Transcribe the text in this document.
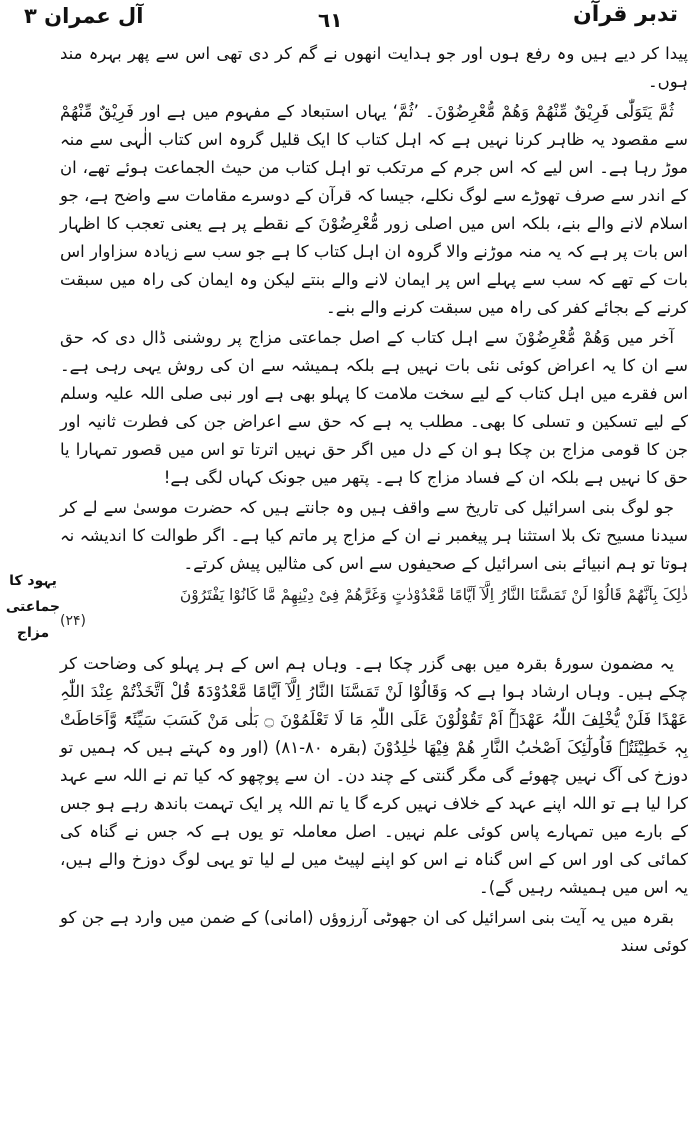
تدبر قرآن
٦١
آل عمران ۳
یہود کا جماعتی مزاج

پیدا کر دیے ہیں وہ رفع ہوں اور جو ہدایت انھوں نے گم کر دی تھی اس سے پھر بہرہ مند ہوں۔

ثُمَّ یَتَوَلّٰی فَرِیْقٌ مِّنْھُمْ وَھُمْ مُّعْرِضُوْنَ۔ ’ثُمَّ‘ یہاں استبعاد کے مفہوم میں ہے اور فَرِیْقٌ مِّنْھُمْ سے مقصود یہ ظاہر کرنا نہیں ہے کہ اہل کتاب کا ایک قلیل گروہ اس کتاب الٰہی سے منہ موڑ رہا ہے۔ اس لیے کہ اس جرم کے مرتکب تو اہل کتاب من حیث الجماعت ہوئے تھے، ان کے اندر سے صرف تھوڑے سے لوگ نکلے، جیسا کہ قرآن کے دوسرے مقامات سے واضح ہے، جو اسلام لانے والے بنے، بلکہ اس میں اصلی زور مُّعْرِضُوْنَ کے نقطے پر ہے یعنی تعجب کا اظہار اس بات پر ہے کہ یہ منہ موڑنے والا گروہ ان اہل کتاب کا ہے جو سب سے زیادہ سزاوار اس بات کے تھے کہ سب سے پہلے اس پر ایمان لانے والے بنتے لیکن وہ ایمان کی راہ میں سبقت کرنے کے بجائے کفر کی راہ میں سبقت کرنے والے بنے۔

آخر میں وَھُمْ مُّعْرِضُوْنَ سے اہل کتاب کے اصل جماعتی مزاج پر روشنی ڈال دی کہ حق سے ان کا یہ اعراض کوئی نئی بات نہیں ہے بلکہ ہمیشہ سے ان کی روش یہی رہی ہے۔ اس فقرے میں اہل کتاب کے لیے سخت ملامت کا پہلو بھی ہے اور نبی صلی اللہ علیہ وسلم کے لیے تسکین و تسلی کا بھی۔ مطلب یہ ہے کہ حق سے اعراض جن کی فطرت ثانیہ اور جن کا قومی مزاج بن چکا ہو ان کے دل میں اگر حق نہیں اترتا تو اس میں قصور تمہارا یا حق کا نہیں ہے بلکہ ان کے فساد مزاج کا ہے۔ پتھر میں جونک کہاں لگی ہے!

جو لوگ بنی اسرائیل کی تاریخ سے واقف ہیں وہ جانتے ہیں کہ حضرت موسیٰ سے لے کر سیدنا مسیح تک بلا استثنا ہر پیغمبر نے ان کے مزاج پر ماتم کیا ہے۔ اگر طوالت کا اندیشہ نہ ہوتا تو ہم انبیائے بنی اسرائیل کے صحیفوں سے اس کی مثالیں پیش کرتے۔

ذٰلِکَ بِاَنَّھُمْ قَالُوْا لَنْ تَمَسَّنَا النَّارُ اِلَّآ اَیَّامًا مَّعْدُوْدٰتٍ وَغَرَّھُمْ فِیْ دِیْنِھِمْ مَّا کَانُوْا یَفْتَرُوْنَ
(۲۴)

یہ مضمون سورۂ بقرہ میں بھی گزر چکا ہے۔ وہاں ہم اس کے ہر پہلو کی وضاحت کر چکے ہیں۔ وہاں ارشاد ہوا ہے کہ وَقَالُوْا لَنْ تَمَسَّنَا النَّارُ اِلَّآ اَیَّامًا مَّعْدُوْدَۃً قُلْ اَتَّخَذْتُمْ عِنْدَ اللّٰہِ عَھْدًا فَلَنْ یُّخْلِفَ اللّٰہُ عَھْدَہٗٓ اَمْ تَقُوْلُوْنَ عَلَی اللّٰہِ مَا لَا تَعْلَمُوْنَ ۝ بَلٰی مَنْ کَسَبَ سَیِّئَۃً وَّاَحَاطَتْ بِہٖ خَطِیْٓئَتُہٗ فَاُولٰٓئِکَ اَصْحٰبُ النَّارِ ھُمْ فِیْھَا خٰلِدُوْنَ (بقرہ ۸۰-۸۱) (اور وہ کہتے ہیں کہ ہمیں تو دوزخ کی آگ نہیں چھوئے گی مگر گنتی کے چند دن۔ ان سے پوچھو کہ کیا تم نے اللہ سے عہد کرا لیا ہے تو اللہ اپنے عہد کے خلاف نہیں کرے گا یا تم اللہ پر ایک تہمت باندھ رہے ہو جس کے بارے میں تمہارے پاس کوئی علم نہیں۔ اصل معاملہ تو یوں ہے کہ جس نے گناہ کی کمائی کی اور اس کے اس گناہ نے اس کو اپنے لپیٹ میں لے لیا تو یہی لوگ دوزخ والے ہیں، یہ اس میں ہمیشہ رہیں گے)۔

بقرہ میں یہ آیت بنی اسرائیل کی ان جھوٹی آرزوؤں (امانی) کے ضمن میں وارد ہے جن کو کوئی سند
